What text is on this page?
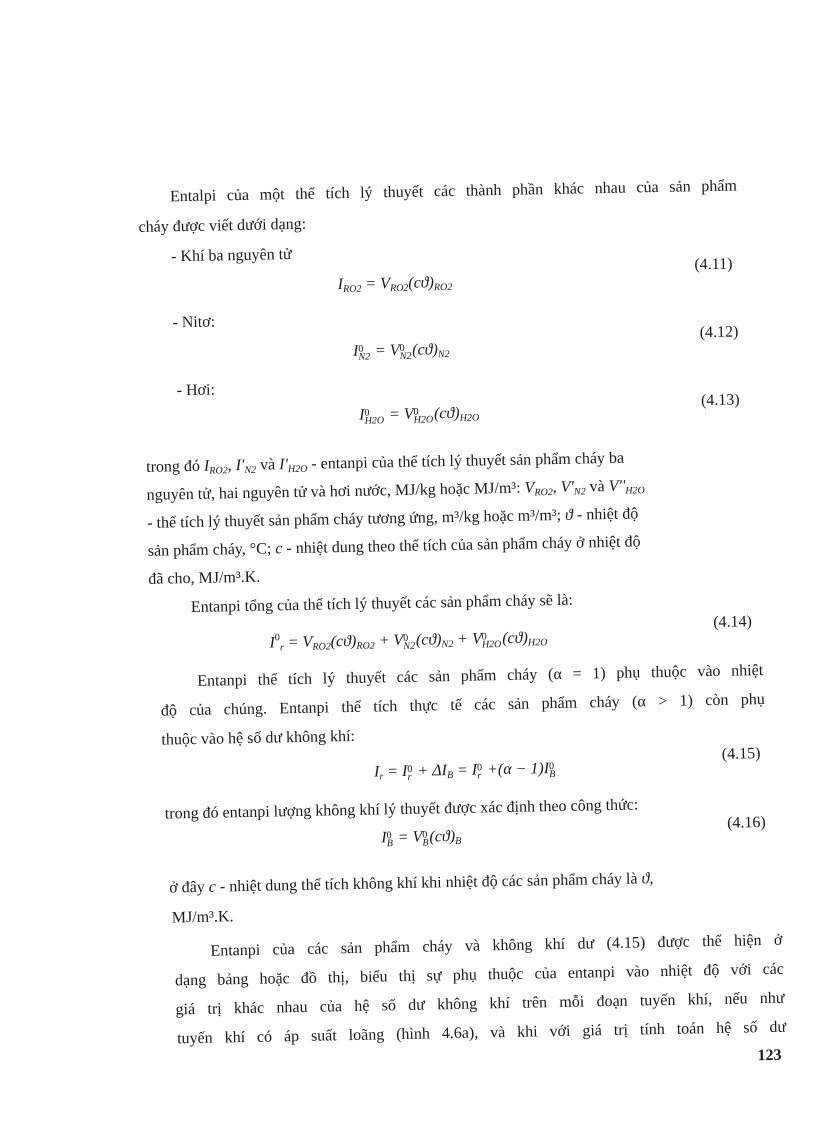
Entalpi của một thể tích lý thuyết các thành phần khác nhau của sản phẩm
cháy được viết dưới dạng:
- Khí ba nguyên tử
$I_{RO2} = V_{RO2}(cϑ)_{RO2}$
(4.11)
- Nitơ:
I 0
N2 = V 0
N2 $(cϑ)_{N2}$
(4.12)
- Hơi:
I 0
H2O = V 0
H2O $(cϑ)_{H2O}$
(4.13)
trong đó $I_{RO2}$, $I'_{N2}$ và $I'_{H2O}$ - entanpi của thể tích lý thuyết sản phẩm cháy ba
nguyên tử, hai nguyên tử và hơi nước, MJ/kg hoặc MJ/m³: $V_{RO2}$, $V'_{N2}$ và $V''_{H2O}$
- thể tích lý thuyết sản phẩm cháy tương ứng, m³/kg hoặc m³/m³; ϑ - nhiệt độ
sản phẩm cháy, °C; c - nhiệt dung theo thể tích của sản phẩm cháy ở nhiệt độ
đã cho, MJ/m³.K.
Entanpi tổng của thể tích lý thuyết các sản phẩm cháy sẽ là:
$I^0_r = V_{RO2}(cϑ)_{RO2} + V$ 0
N2 $(cϑ)_{N2} + V$ 0
H2O $(cϑ)_{H2O}$
(4.14)
Entanpi thể tích lý thuyết các sản phẩm cháy (α = 1) phụ thuộc vào nhiệt
độ của chúng. Entanpi thể tích thực tế các sản phẩm cháy (α > 1) còn phụ
thuộc vào hệ số dư không khí:
$I_r = I$ 0
$r + \Delta I_B = I$ 0
r +(α − 1)I 0
B
(4.15)
trong đó entanpi lượng không khí lý thuyết được xác định theo công thức:
I 0
B = V 0
B $(cϑ)_B$
(4.16)
ở đây c - nhiệt dung thể tích không khí khi nhiệt độ các sản phẩm cháy là ϑ,
MJ/m³.K.
Entanpi của các sản phẩm cháy và không khí dư (4.15) được thể hiện ở
dạng bảng hoặc đồ thị, biểu thị sự phụ thuộc của entanpi vào nhiệt độ với các
giá trị khác nhau của hệ số dư không khí trên mỗi đoạn tuyến khí, nếu như
tuyến khí có áp suất loãng (hình 4.6a), và khi với giá trị tính toán hệ số dư
123
